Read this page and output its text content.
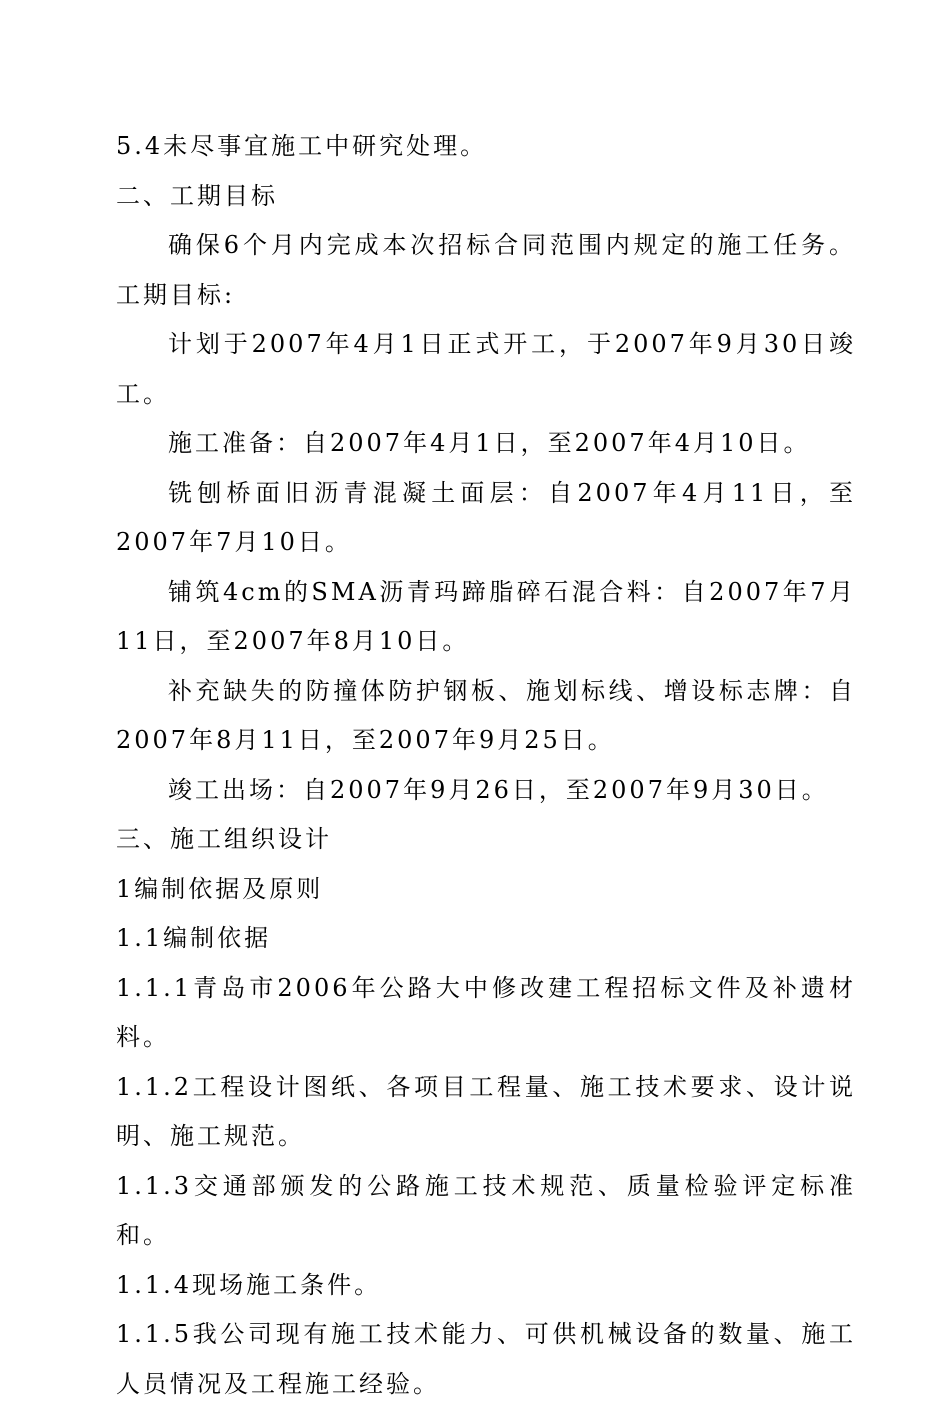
5.4未尽事宜施工中研究处理。

二、工期目标

确保6个月内完成本次招标合同范围内规定的施工任务。工期目标:

计划于2007年4月1日正式开工，于2007年9月30日竣工。

施工准备：自2007年4月1日，至2007年4月10日。

铣刨桥面旧沥青混凝土面层：自2007年4月11日，至2007年7月10日。

铺筑4cm的SMA沥青玛蹄脂碎石混合料：自2007年7月11日，至2007年8月10日。

补充缺失的防撞体防护钢板、施划标线、增设标志牌：自2007年8月11日，至2007年9月25日。

竣工出场：自2007年9月26日，至2007年9月30日。

三、施工组织设计

1编制依据及原则

1.1编制依据

1.1.1青岛市2006年公路大中修改建工程招标文件及补遗材料。

1.1.2工程设计图纸、各项目工程量、施工技术要求、设计说明、施工规范。

1.1.3交通部颁发的公路施工技术规范、质量检验评定标准和。

1.1.4现场施工条件。

1.1.5我公司现有施工技术能力、可供机械设备的数量、施工人员情况及工程施工经验。
